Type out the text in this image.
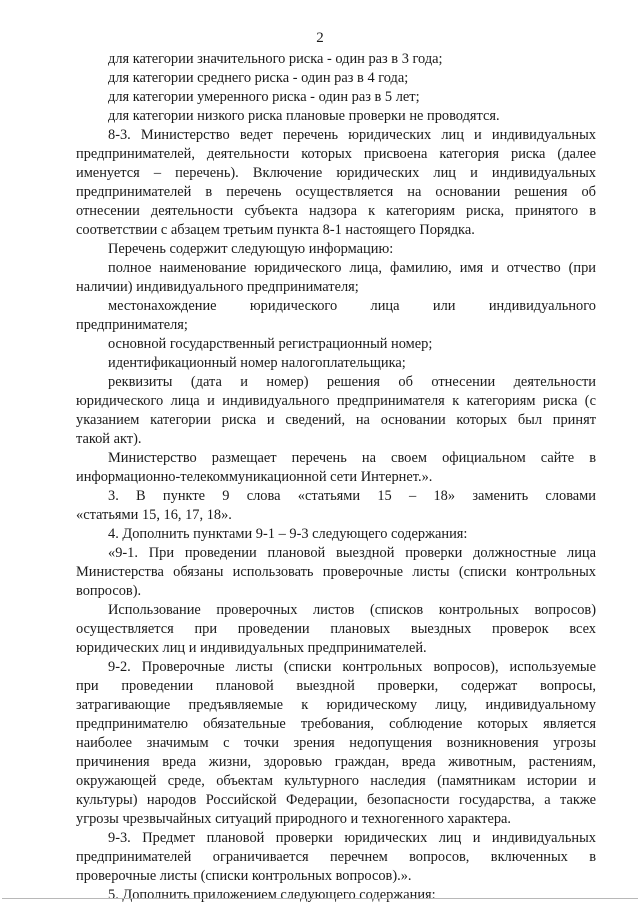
2
для категории значительного риска - один раз в 3 года;
для категории среднего риска - один раз в 4 года;
для категории умеренного риска - один раз в 5 лет;
для категории низкого риска плановые проверки не проводятся.
8-3. Министерство ведет перечень юридических лиц и индивидуальных
предпринимателей, деятельности которых присвоена категория риска (далее
именуется – перечень). Включение юридических лиц и индивидуальных
предпринимателей в перечень осуществляется на основании решения об
отнесении деятельности субъекта надзора к категориям риска, принятого в
соответствии с абзацем третьим пункта 8-1 настоящего Порядка.
Перечень содержит следующую информацию:
полное наименование юридического лица, фамилию, имя и отчество (при
наличии) индивидуального предпринимателя;
местонахождение юридического лица или индивидуального
предпринимателя;
основной государственный регистрационный номер;
идентификационный номер налогоплательщика;
реквизиты (дата и номер) решения об отнесении деятельности
юридического лица и индивидуального предпринимателя к категориям риска (с
указанием категории риска и сведений, на основании которых был принят
такой акт).
Министерство размещает перечень на своем официальном сайте в
информационно-телекоммуникационной сети Интернет.».
3. В пункте 9 слова «статьями 15 – 18» заменить словами
«статьями 15, 16, 17, 18».
4. Дополнить пунктами 9-1 – 9-3 следующего содержания:
«9-1. При проведении плановой выездной проверки должностные лица
Министерства обязаны использовать проверочные листы (списки контрольных
вопросов).
Использование проверочных листов (списков контрольных вопросов)
осуществляется при проведении плановых выездных проверок всех
юридических лиц и индивидуальных предпринимателей.
9-2. Проверочные листы (списки контрольных вопросов), используемые
при проведении плановой выездной проверки, содержат вопросы,
затрагивающие предъявляемые к юридическому лицу, индивидуальному
предпринимателю обязательные требования, соблюдение которых является
наиболее значимым с точки зрения недопущения возникновения угрозы
причинения вреда жизни, здоровью граждан, вреда животным, растениям,
окружающей среде, объектам культурного наследия (памятникам истории и
культуры) народов Российской Федерации, безопасности государства, а также
угрозы чрезвычайных ситуаций природного и техногенного характера.
9-3. Предмет плановой проверки юридических лиц и индивидуальных
предпринимателей ограничивается перечнем вопросов, включенных в
проверочные листы (списки контрольных вопросов).».
5. Дополнить приложением следующего содержания:
